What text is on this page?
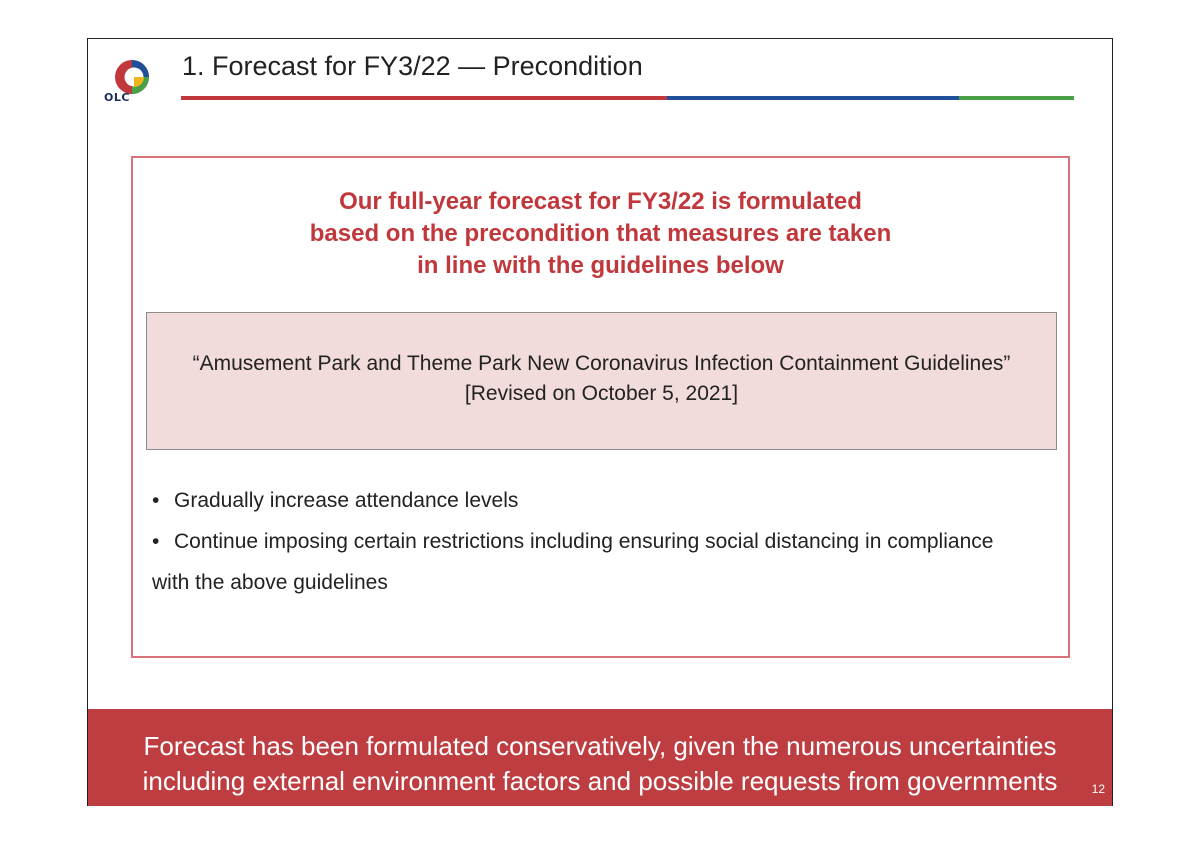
OLC
1. Forecast for FY3/22 — Precondition
Our full-year forecast for FY3/22 is formulated
based on the precondition that measures are taken
in line with the guidelines below
“Amusement Park and Theme Park New Coronavirus Infection Containment Guidelines”
[Revised on October 5, 2021]
• Gradually increase attendance levels
• Continue imposing certain restrictions including ensuring social distancing in compliance
with the above guidelines
Forecast has been formulated conservatively, given the numerous uncertainties
including external environment factors and possible requests from governments	12
